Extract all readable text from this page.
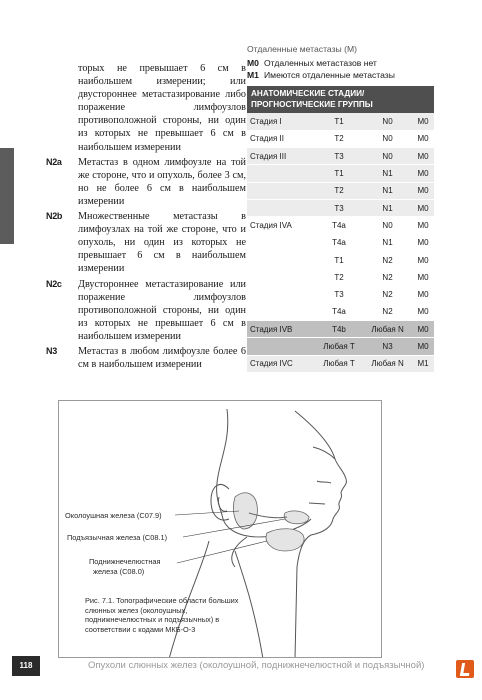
торых не превышает 6 см в наибольшем измерении; или двустороннее метастазирование либо поражение лимфоузлов противоположной стороны, ни один из которых не превышает 6 см в наибольшем измерении
N2a	Метастаз в одном лимфоузле на той же стороне, что и опухоль, более 3 см, но не более 6 см в наибольшем измерении
N2b	Множественные метастазы в лимфоузлах на той же стороне, что и опухоль, ни один из которых не превышает 6 см в наибольшем измерении
N2c	Двустороннее метастазирование или поражение лимфоузлов противоположной стороны, ни один из которых не превышает 6 см в наибольшем измерении
N3	Метастаз в любом лимфоузле более 6 см в наибольшем измерении
Отдаленные метастазы (М)
M0 Отдаленных метастазов нет
M1 Имеются отдаленные метастазы
АНАТОМИЧЕСКИЕ СТАДИИ/ ПРОГНОСТИЧЕСКИЕ ГРУППЫ			
Стадия I	T1	N0	M0
Стадия II	T2	N0	M0
Стадия III	T3	N0	M0
	T1	N1	M0
	T2	N1	M0
	T3	N1	M0
Стадия IVA	T4a	N0	M0
	T4a	N1	M0
	T1	N2	M0
	T2	N2	M0
	T3	N2	M0
	T4a	N2	M0
Стадия IVB	T4b	Любая N	M0
	Любая T	N3	M0
Стадия IVC	Любая T	Любая N	M1
Околоушная железа (C07.9)
Подъязычная железа (C08.1)
Поднижнечелюстная
железа (C08.0)
Рис. 7.1. Топографические области больших слюнных желез (околоушных, поднижнечелюстных и подъязычных) в соответствии с кодами МКБ-О-3
118	Опухоли слюнных желез (околоушной, поднижнечелюстной и подъязычной)
